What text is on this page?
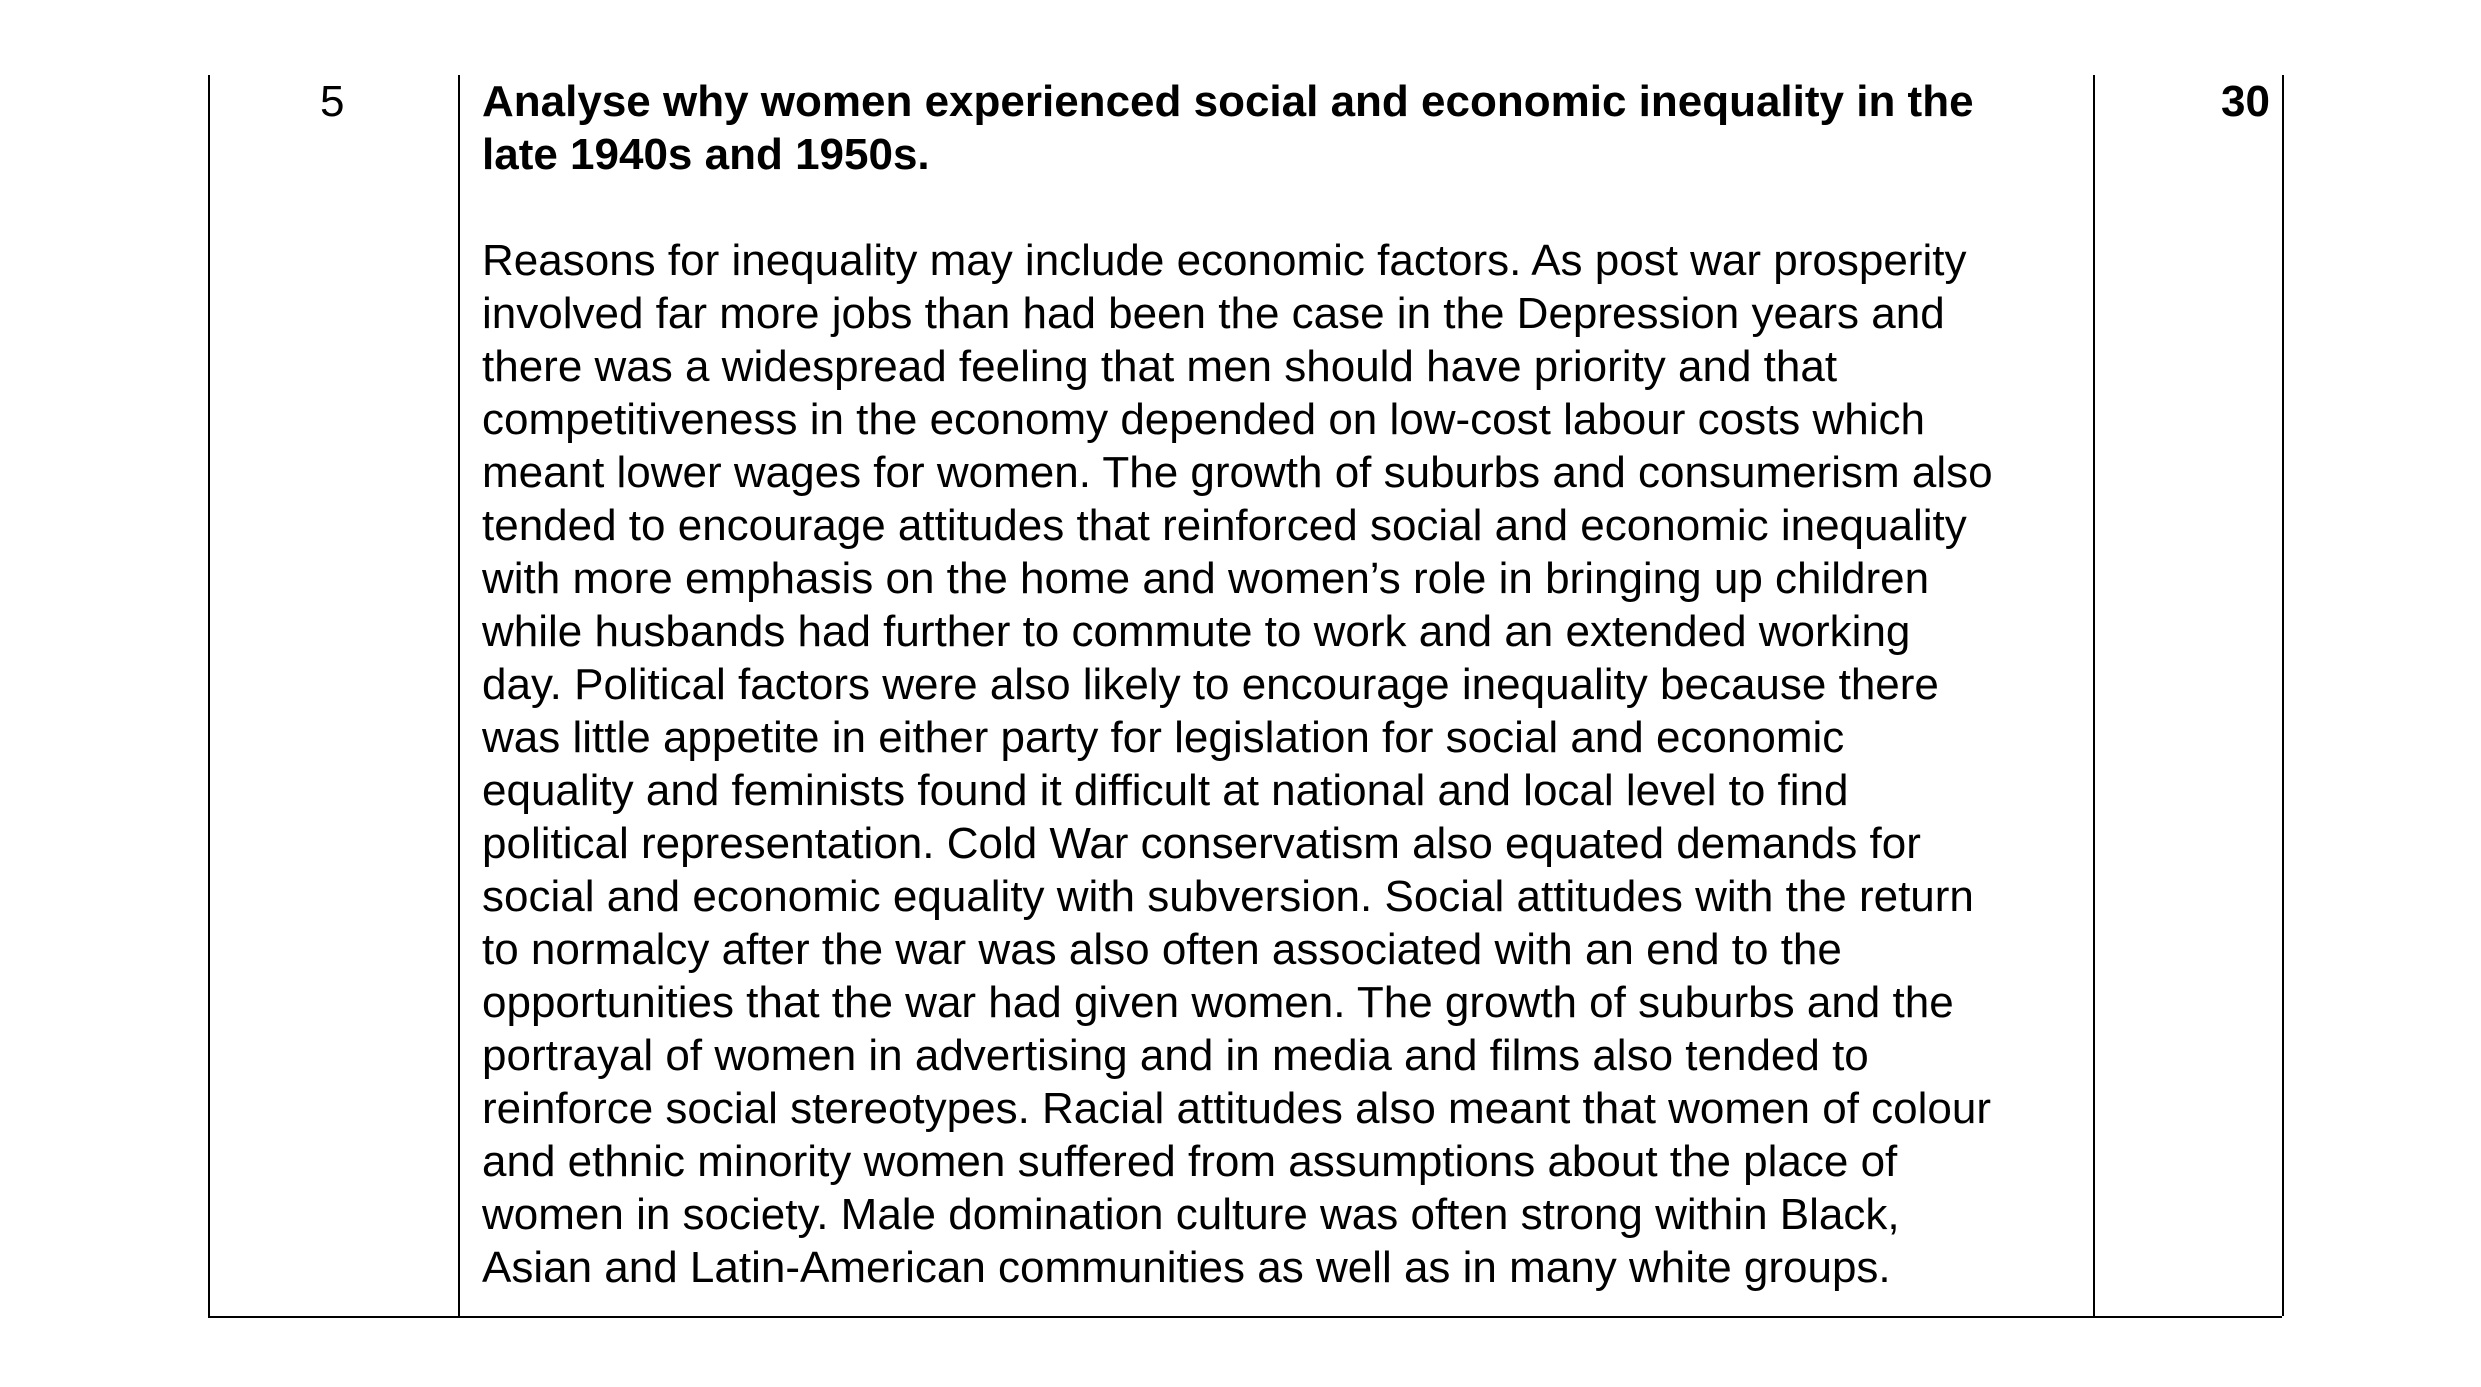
5	Analyse why women experienced social and economic inequality in the
late 1940s and 1950s.

Reasons for inequality may include economic factors. As post war prosperity
involved far more jobs than had been the case in the Depression years and
there was a widespread feeling that men should have priority and that
competitiveness in the economy depended on low-cost labour costs which
meant lower wages for women. The growth of suburbs and consumerism also
tended to encourage attitudes that reinforced social and economic inequality
with more emphasis on the home and women’s role in bringing up children
while husbands had further to commute to work and an extended working
day. Political factors were also likely to encourage inequality because there
was little appetite in either party for legislation for social and economic
equality and feminists found it difficult at national and local level to find
political representation. Cold War conservatism also equated demands for
social and economic equality with subversion. Social attitudes with the return
to normalcy after the war was also often associated with an end to the
opportunities that the war had given women. The growth of suburbs and the
portrayal of women in advertising and in media and films also tended to
reinforce social stereotypes. Racial attitudes also meant that women of colour
and ethnic minority women suffered from assumptions about the place of
women in society. Male domination culture was often strong within Black,
Asian and Latin-American communities as well as in many white groups.

30
